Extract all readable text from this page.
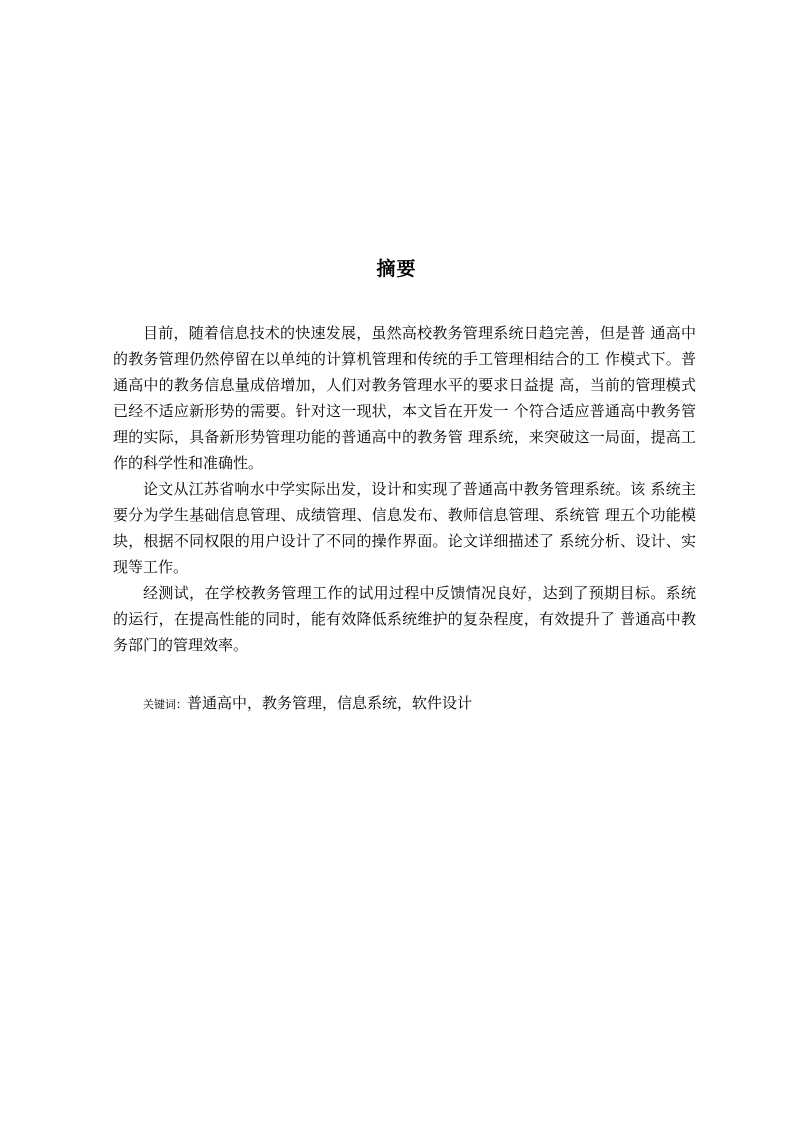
摘要

目前，随着信息技术的快速发展，虽然高校教务管理系统日趋完善，但是普 通高中的教务管理仍然停留在以单纯的计算机管理和传统的手工管理相结合的工 作模式下。普通高中的教务信息量成倍增加，人们对教务管理水平的要求日益提 高，当前的管理模式已经不适应新形势的需要。针对这一现状，本文旨在开发一 个符合适应普通高中教务管理的实际，具备新形势管理功能的普通高中的教务管 理系统，来突破这一局面，提高工作的科学性和准确性。

论文从江苏省响水中学实际出发，设计和实现了普通高中教务管理系统。该 系统主要分为学生基础信息管理、成绩管理、信息发布、教师信息管理、系统管 理五个功能模块，根据不同权限的用户设计了不同的操作界面。论文详细描述了 系统分析、设计、实现等工作。

经测试，在学校教务管理工作的试用过程中反馈情况良好，达到了预期目标。系统的运行，在提高性能的同时，能有效降低系统维护的复杂程度，有效提升了 普通高中教务部门的管理效率。

关键词：普通高中，教务管理，信息系统，软件设计
